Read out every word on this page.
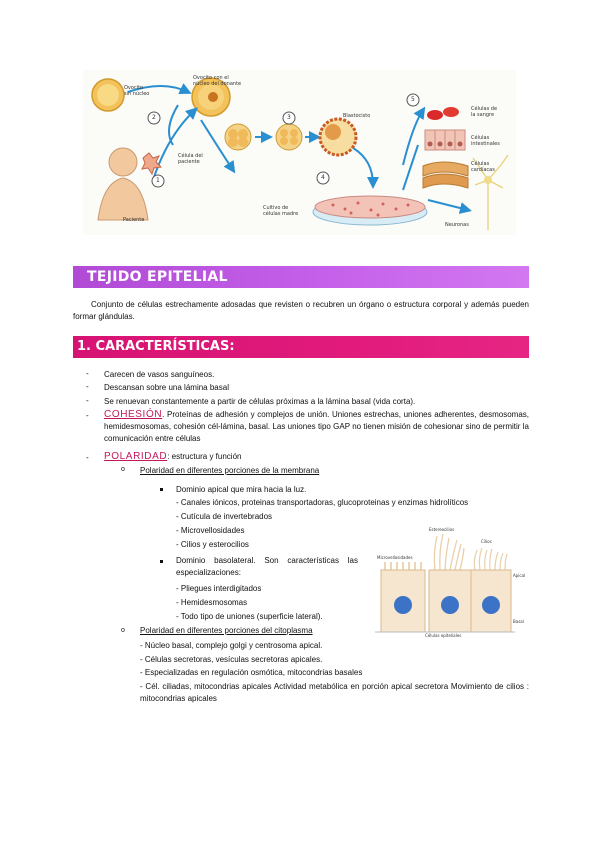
Ovocito
sin núcleo
Ovocito con el
núcleo del donante
Célula del
paciente
Paciente
Blastocisto
Cultivo de
células madre
Células de
la sangre
Células
intestinales
Células
cardíacas
Neuronas
2
1
3
4
5
TEJIDO EPITELIAL
Conjunto de células estrechamente adosadas que revisten o recubren un órgano o estructura corporal y además pueden formar glándulas.
1. CARACTERÍSTICAS:
- Carecen de vasos sanguíneos.
- Descansan sobre una lámina basal
- Se renuevan constantemente a partir de células próximas a la lámina basal (vida corta).
- COHESIÓN. Proteínas de adhesión y complejos de unión. Uniones estrechas, uniones adherentes, desmosomas, hemidesmosomas, cohesión cél-lámina, basal. Las uniones tipo GAP no tienen misión de cohesionar sino de permitir la comunicación entre células
- POLARIDAD: estructura y función
o Polaridad en diferentes porciones de la membrana
Dominio apical que mira hacia la luz.
- Canales iónicos, proteinas transportadoras, glucoproteinas y enzimas hidrolíticos
- Cutícula de invertebrados
- Microvellosidades
- Cilios y esterocilios
Dominio basolateral. Son características las especializaciones:
- Pliegues interdigitados
- Hemidesmosomas
- Todo tipo de uniones (superficie lateral).
o Polaridad en diferentes porciones del citoplasma
- Núcleo basal, complejo golgi y centrosoma apical.
- Células secretoras, vesículas secretoras apicales.
- Especializadas en regulación osmótica, mitocondrias basales
- Cél. ciliadas, mitocondrias apicales Actividad metabólica en porción apical secretora Movimiento de cilios : mitocondrias apicales
Estereocilios
Cilios
Microvellosidades
Apical
Basal
Células epiteliales
